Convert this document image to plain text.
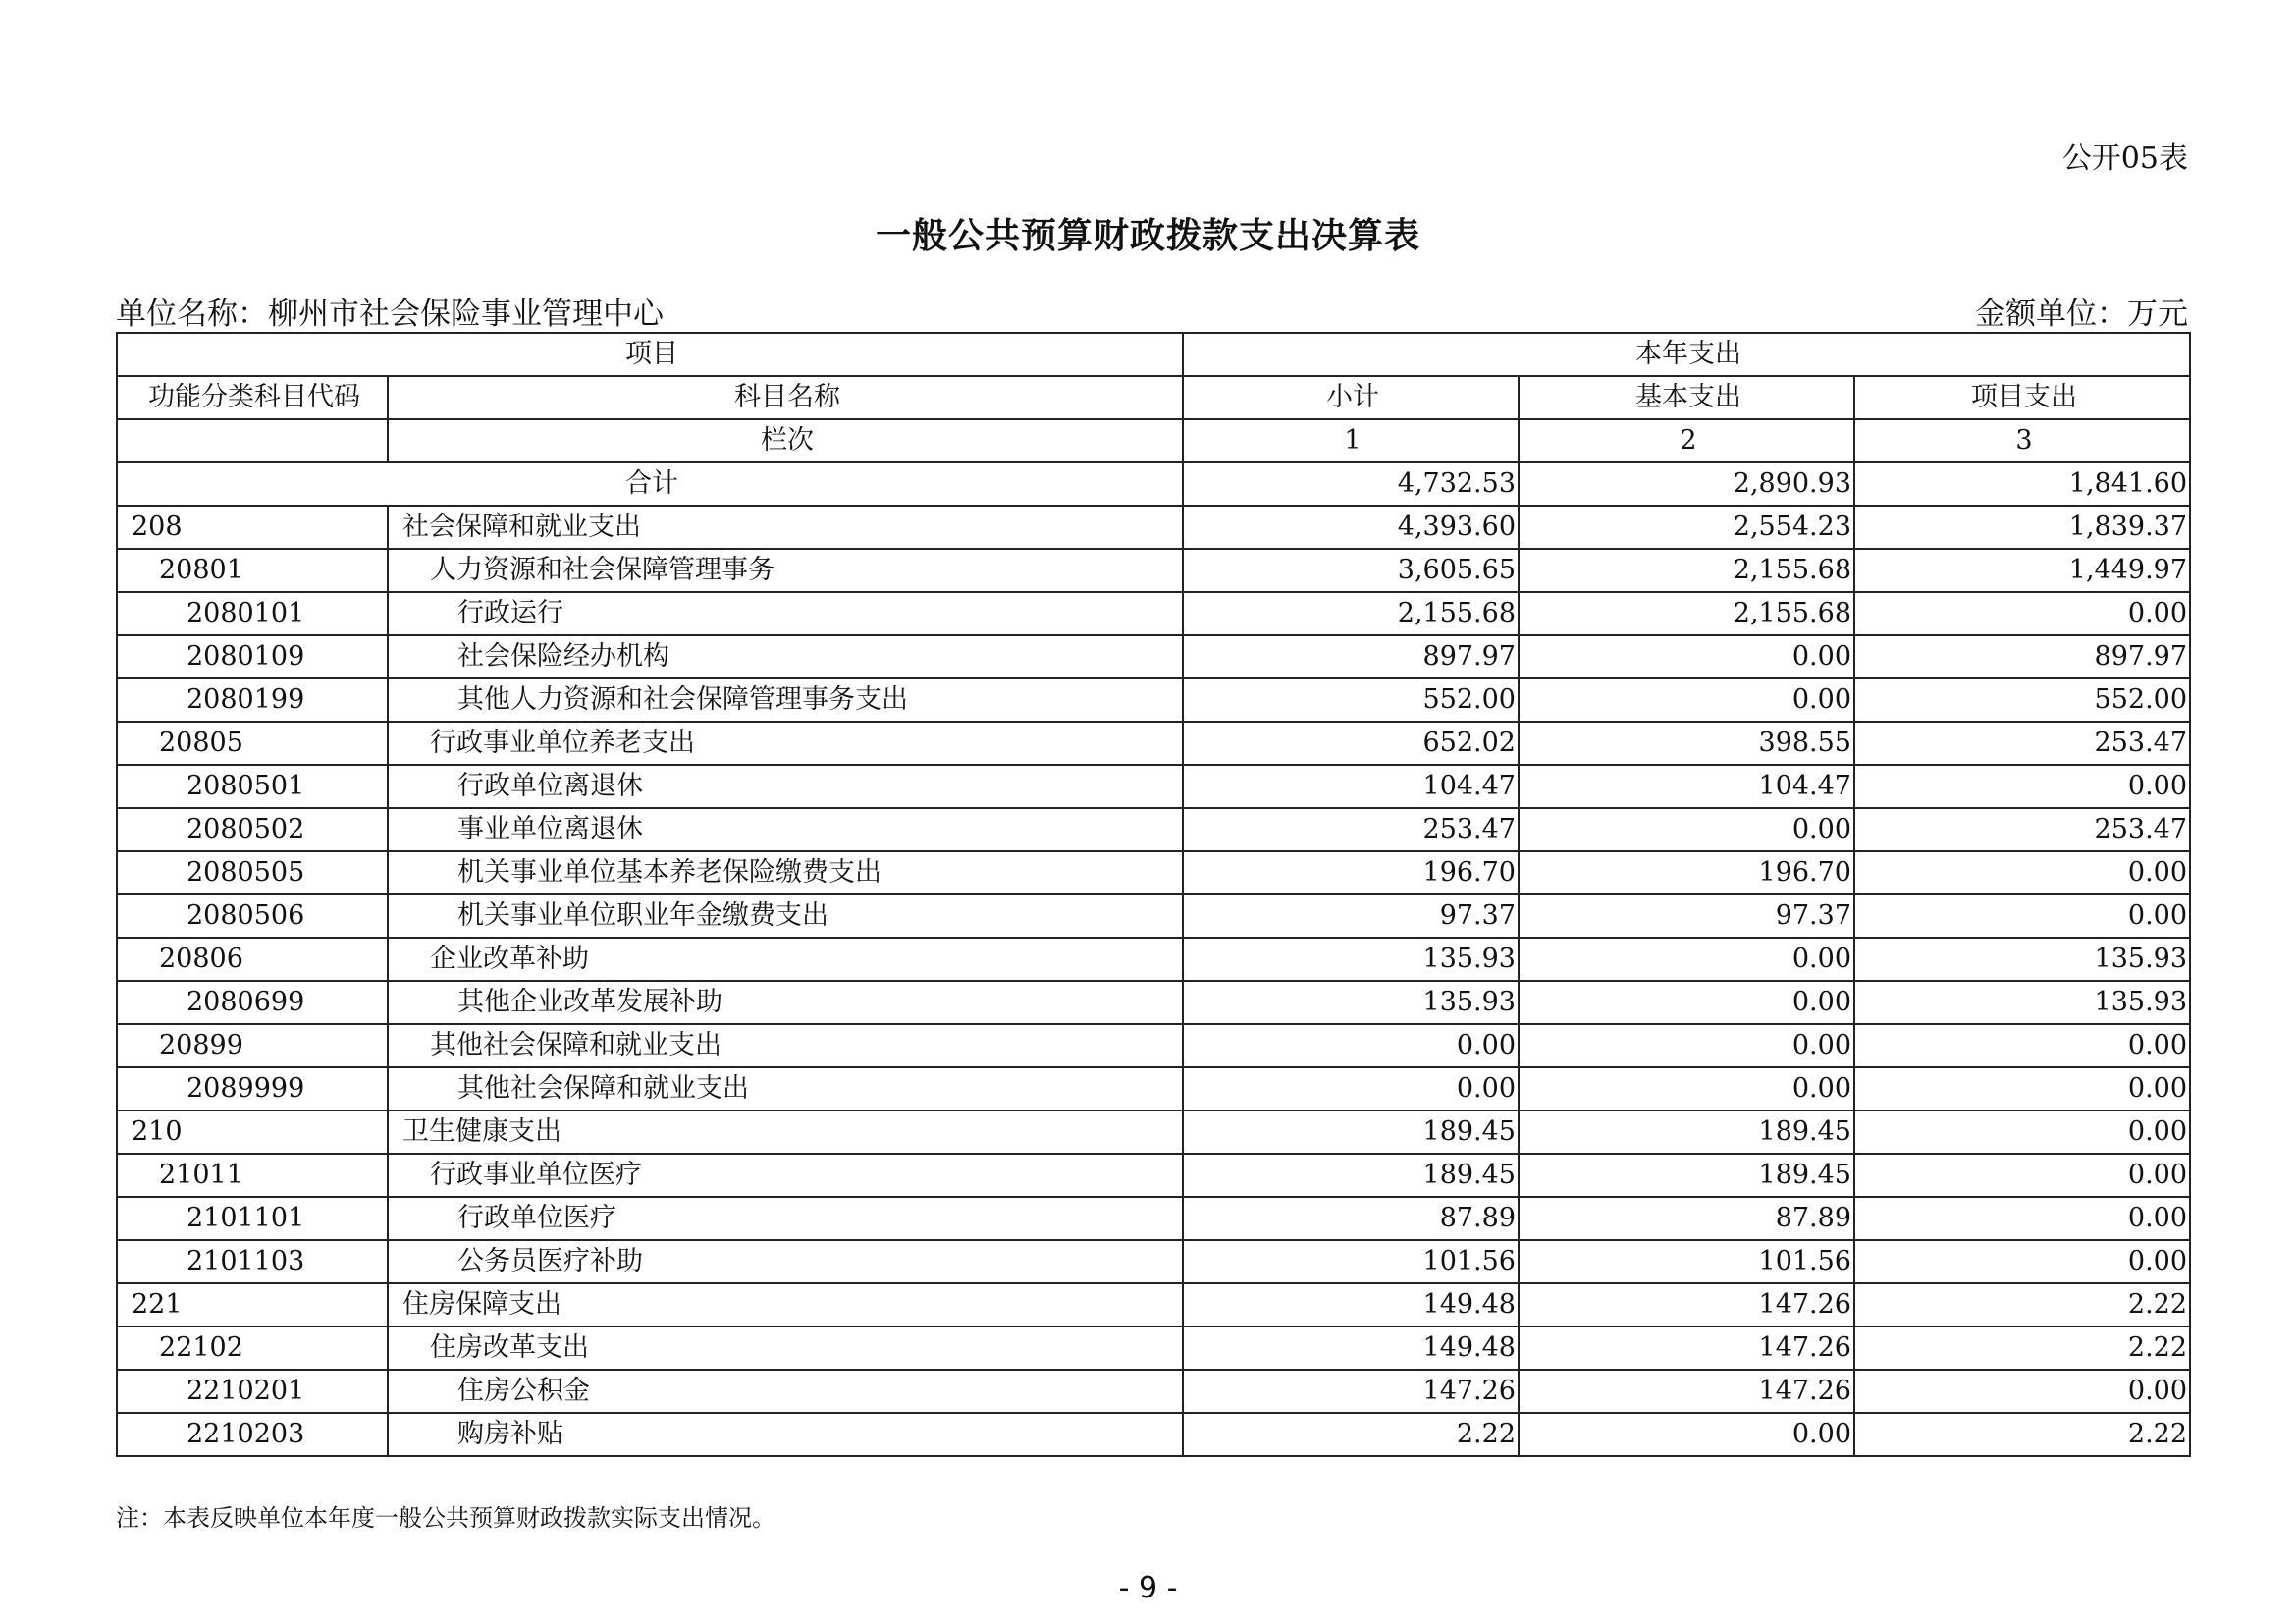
公开05表
一般公共预算财政拨款支出决算表
单位名称：柳州市社会保险事业管理中心	金额单位：万元
项目		本年支出		
功能分类科目代码	科目名称	小计	基本支出	项目支出
	栏次	1	2	3
合计		4,732.53	2,890.93	1,841.60
208	社会保障和就业支出	4,393.60	2,554.23	1,839.37
20801	人力资源和社会保障管理事务	3,605.65	2,155.68	1,449.97
2080101	行政运行	2,155.68	2,155.68	0.00
2080109	社会保险经办机构	897.97	0.00	897.97
2080199	其他人力资源和社会保障管理事务支出	552.00	0.00	552.00
20805	行政事业单位养老支出	652.02	398.55	253.47
2080501	行政单位离退休	104.47	104.47	0.00
2080502	事业单位离退休	253.47	0.00	253.47
2080505	机关事业单位基本养老保险缴费支出	196.70	196.70	0.00
2080506	机关事业单位职业年金缴费支出	97.37	97.37	0.00
20806	企业改革补助	135.93	0.00	135.93
2080699	其他企业改革发展补助	135.93	0.00	135.93
20899	其他社会保障和就业支出	0.00	0.00	0.00
2089999	其他社会保障和就业支出	0.00	0.00	0.00
210	卫生健康支出	189.45	189.45	0.00
21011	行政事业单位医疗	189.45	189.45	0.00
2101101	行政单位医疗	87.89	87.89	0.00
2101103	公务员医疗补助	101.56	101.56	0.00
221	住房保障支出	149.48	147.26	2.22
22102	住房改革支出	149.48	147.26	2.22
2210201	住房公积金	147.26	147.26	0.00
2210203	购房补贴	2.22	0.00	2.22
注：本表反映单位本年度一般公共预算财政拨款实际支出情况。
- 9 -
